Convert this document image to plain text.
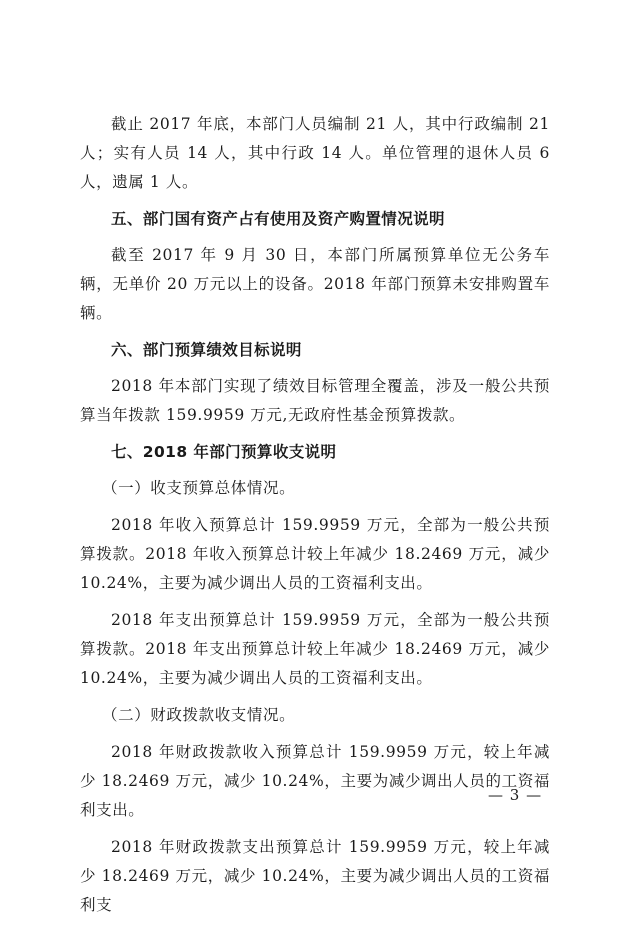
截止 2017 年底，本部门人员编制 21 人，其中行政编制 21 人；实有人员 14 人，其中行政 14 人。单位管理的退休人员 6 人，遗属 1 人。

五、部门国有资产占有使用及资产购置情况说明

截至 2017 年 9 月 30 日，本部门所属预算单位无公务车辆，无单价 20 万元以上的设备。2018 年部门预算未安排购置车辆。

六、部门预算绩效目标说明

2018 年本部门实现了绩效目标管理全覆盖，涉及一般公共预算当年拨款 159.9959 万元,无政府性基金预算拨款。

七、2018 年部门预算收支说明

（一）收支预算总体情况。

2018 年收入预算总计 159.9959 万元，全部为一般公共预算拨款。2018 年收入预算总计较上年减少 18.2469 万元，减少 10.24%，主要为减少调出人员的工资福利支出。

2018 年支出预算总计 159.9959 万元，全部为一般公共预算拨款。2018 年支出预算总计较上年减少 18.2469 万元，减少 10.24%，主要为减少调出人员的工资福利支出。

（二）财政拨款收支情况。

2018 年财政拨款收入预算总计 159.9959 万元，较上年减少 18.2469 万元，减少 10.24%，主要为减少调出人员的工资福利支出。

2018 年财政拨款支出预算总计 159.9959 万元，较上年减少 18.2469 万元，减少 10.24%，主要为减少调出人员的工资福利支

— 3 —
